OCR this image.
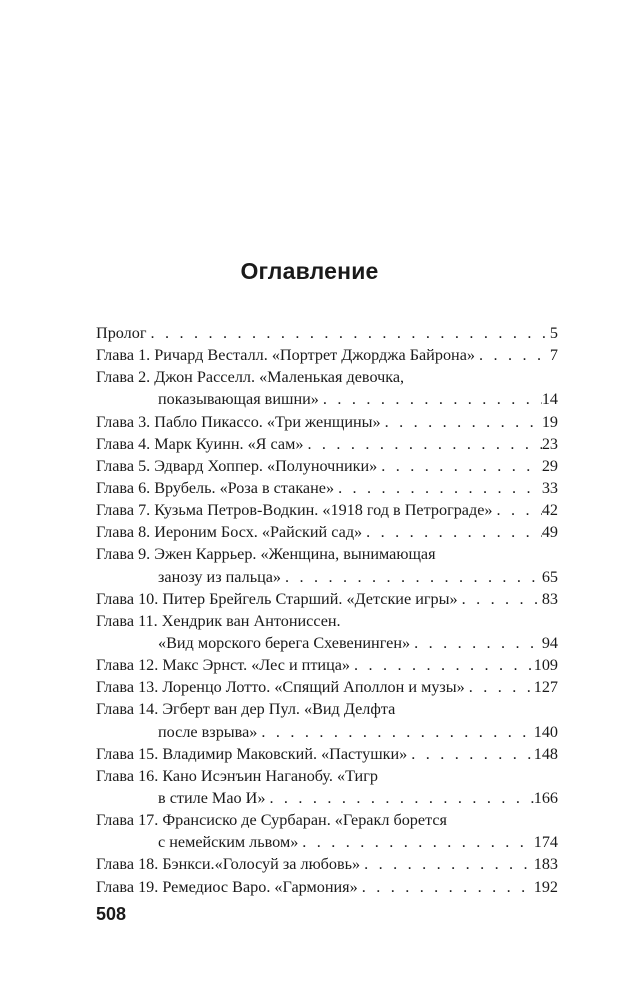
Оглавление
Пролог . . .	5
Глава 1. Ричард Весталл. «Портрет Джорджа Байрона» . . .	7
Глава 2. Джон Расселл. «Маленькая девочка,
показывающая вишни» . . .	14
Глава 3. Пабло Пикассо. «Три женщины» . . .	19
Глава 4. Марк Куинн. «Я сам» . . .	23
Глава 5. Эдвард Хоппер. «Полуночники» . . .	29
Глава 6. Врубель. «Роза в стакане» . . .	33
Глава 7. Кузьма Петров-Водкин. «1918 год в Петрограде» . . .	42
Глава 8. Иероним Босх. «Райский сад» . . .	49
Глава 9. Эжен Каррьер. «Женщина, вынимающая
занозу из пальца» . . .	65
Глава 10. Питер Брейгель Старший. «Детские игры» . . .	83
Глава 11. Хендрик ван Антониссен.
«Вид морского берега Схевенинген» . . .	94
Глава 12. Макс Эрнст. «Лес и птица» . . .	109
Глава 13. Лоренцо Лотто. «Спящий Аполлон и музы» . . .	127
Глава 14. Эгберт ван дер Пул. «Вид Делфта
после взрыва» . . .	140
Глава 15. Владимир Маковский. «Пастушки» . . .	148
Глава 16. Кано Исэнъин Наганобу. «Тигр
в стиле Мао И» . . .	166
Глава 17. Франсиско де Сурбаран. «Геракл борется
с немейским львом» . . .	174
Глава 18. Бэнкси.«Голосуй за любовь» . . .	183
Глава 19. Ремедиос Варо. «Гармония» . . .	192
508
